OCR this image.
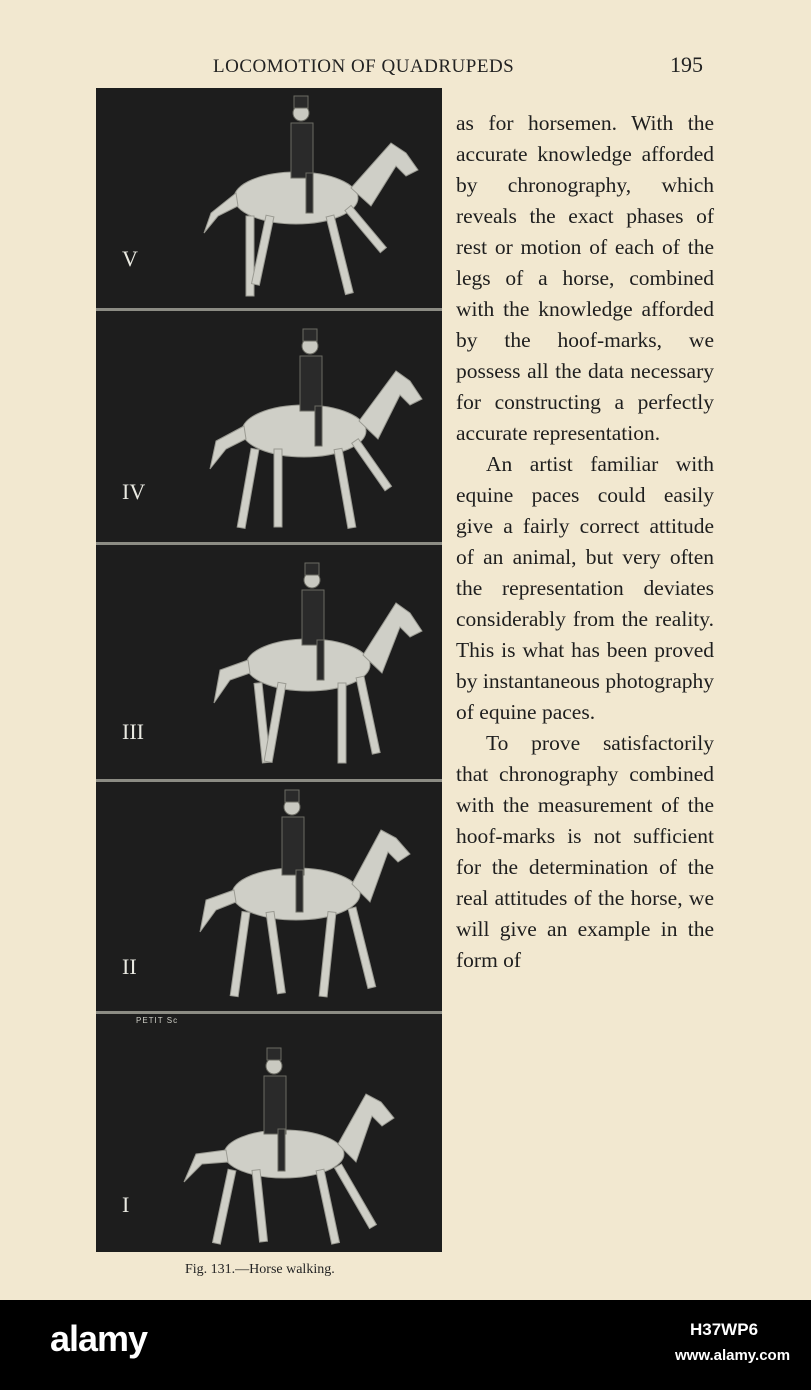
LOCOMOTION OF QUADRUPEDS	195
V
IV
III
II
PETIT Sc
I
Fig. 131.—Horse walking.

as for horsemen. With the accurate knowledge afforded by chronography, which reveals the exact phases of rest or motion of each of the legs of a horse, combined with the knowledge afforded by the hoof-marks, we possess all the data necessary for constructing a perfectly accurate representation.

An artist familiar with equine paces could easily give a fairly correct attitude of an animal, but very often the representation deviates considerably from the reality. This is what has been proved by instantaneous photography of equine paces.

To prove satisfactorily that chronography combined with the measurement of the hoof-marks is not sufficient for the determination of the real attitudes of the horse, we will give an example in the form of

alamy	H37WP6
www.alamy.com
